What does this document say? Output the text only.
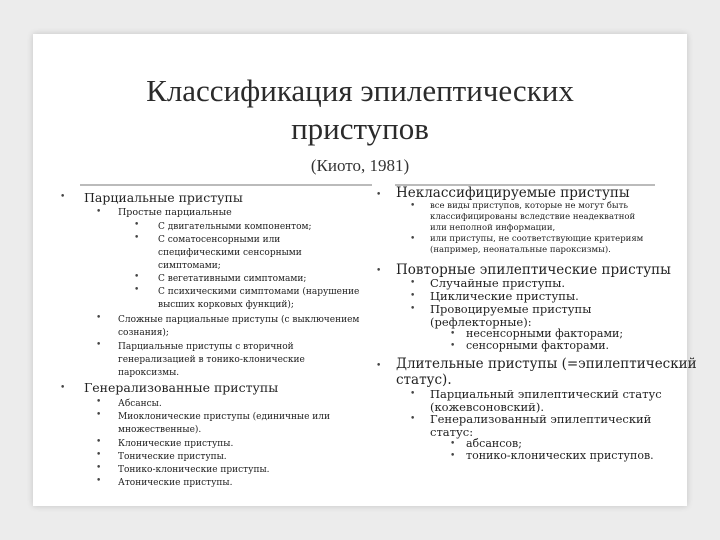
Классификация эпилептических
приступов
(Киото, 1981)
• Парциальные приступы
• Простые парциальные
• С двигательными компонентом;
• С соматосенсорными или
специфическими сенсорными
симптомами;
• С вегетативными симптомами;
• С психическими симптомами (нарушение
высших корковых функций);
• Сложные парциальные приступы (с выключением
сознания);
• Парциальные приступы с вторичной
генерализацией в тонико-клонические
пароксизмы.
• Генерализованные приступы
• Абсансы.
• Миоклонические приступы (единичные или
множественные).
• Клонические приступы.
• Тонические приступы.
• Тонико-клонические приступы.
• Атонические приступы.
• Неклассифицируемые приступы
• все виды приступов, которые не могут быть
классифицированы вследствие неадекватной
или неполной информации,
• или приступы, не соответствующие критериям
(например, неонатальные пароксизмы).
• Повторные эпилептические приступы
• Случайные приступы.
• Циклические приступы.
• Провоцируемые приступы
(рефлекторные):
• несенсорными факторами;
• сенсорными факторами.
• Длительные приступы (=эпилептический
статус).
• Парциальный эпилептический статус
(кожевсоновский).
• Генерализованный эпилептический
статус:
• абсансов;
• тонико-клонических приступов.
